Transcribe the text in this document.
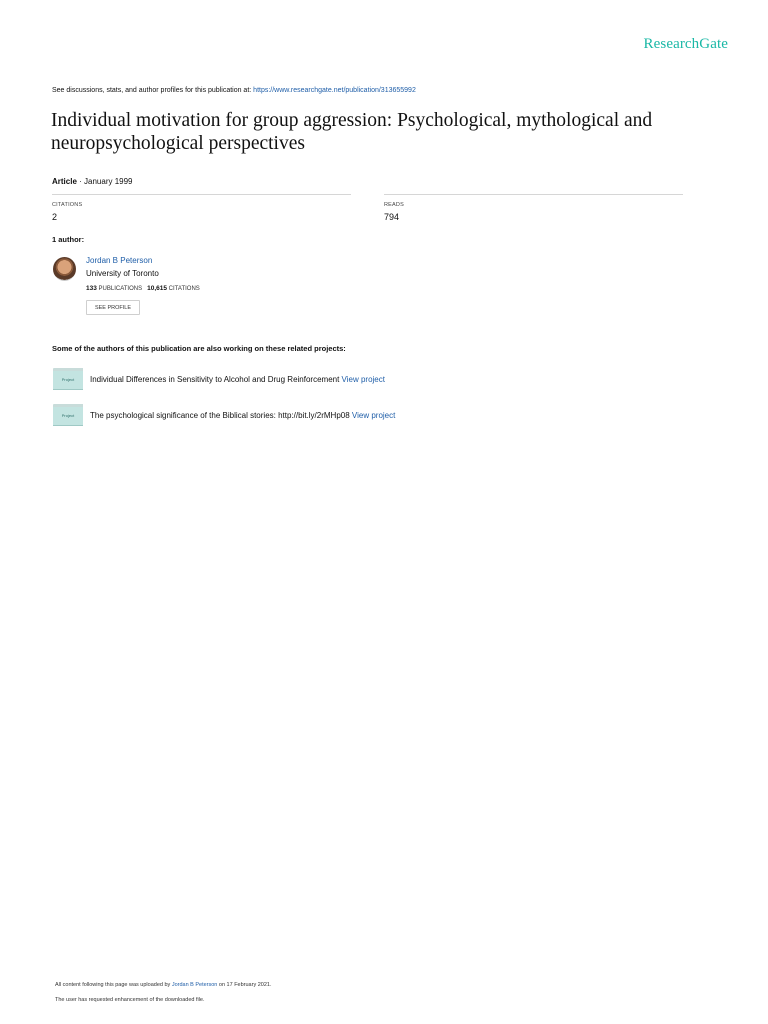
ResearchGate
See discussions, stats, and author profiles for this publication at: https://www.researchgate.net/publication/313655992
Individual motivation for group aggression: Psychological, mythological and neuropsychological perspectives
Article · January 1999
CITATIONS
2
READS
794
1 author:
Jordan B Peterson
University of Toronto
133 PUBLICATIONS 10,615 CITATIONS
SEE PROFILE
Some of the authors of this publication are also working on these related projects:
Project	Individual Differences in Sensitivity to Alcohol and Drug Reinforcement View project
Project	The psychological significance of the Biblical stories: http://bit.ly/2rMHp08 View project
All content following this page was uploaded by Jordan B Peterson on 17 February 2021.
The user has requested enhancement of the downloaded file.
